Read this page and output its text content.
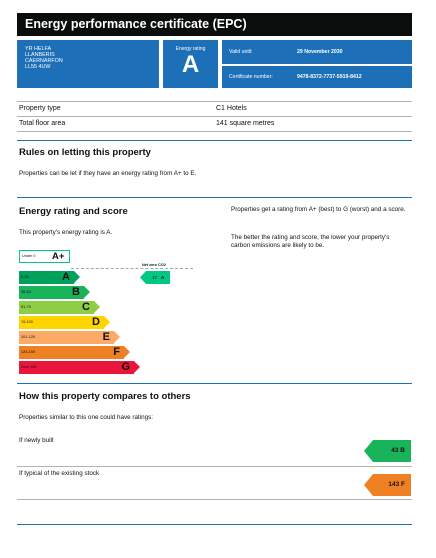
Energy performance certificate (EPC)
YR HELFA
LLANBERIS
CAERNARFON
LL55 4UW
Energy rating
A	Valid until:	29 November 2030
Certificate number:	9478-8372-7737-5919-8412
Property type	C1 Hotels
Total floor area	141 square metres
Rules on letting this property
Properties can be let if they have an energy rating from A+ to E.
Energy rating and score
This property's energy rating is A.
Properties get a rating from A+ (best) to G (worst) and a score.
The better the rating and score, the lower your property's carbon emissions are likely to be.
Under 0 A+
0-25	A
26-50	B
51-75	C
76-100	D
101-125	E
126-150	F
Over 150	G
Net zero CO2
17 A
How this property compares to others
Properties similar to this one could have ratings:
If newly built
43 B
If typical of the existing stock
143 F
